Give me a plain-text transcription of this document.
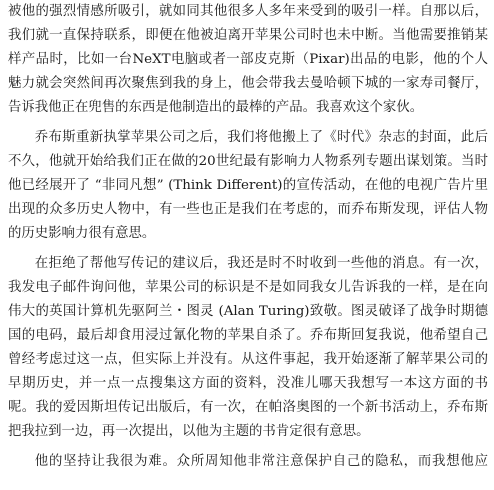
被他的强烈情感所吸引，就如同其他很多人多年来受到的吸引一样。自那以后，我们就一直保持联系，即便在他被迫离开苹果公司时也未中断。当他需要推销某样产品时，比如一台NeXT电脑或者一部皮克斯（Pixar)出品的电影，他的个人魅力就会突然间再次聚焦到我的身上，他会带我去曼哈顿下城的一家寿司餐厅，告诉我他正在兜售的东西是他制造出的最棒的产品。我喜欢这个家伙。

乔布斯重新执掌苹果公司之后，我们将他搬上了《时代》杂志的封面，此后不久，他就开始给我们正在做的20世纪最有影响力人物系列专题出谋划策。当时他已经展开了 “非同凡想” (Think Different)的宣传活动，在他的电视广告片里出现的众多历史人物中，有一些也正是我们在考虑的，而乔布斯发现，评估人物的历史影响力很有意思。

在拒绝了帮他写传记的建议后，我还是时不时收到一些他的消息。有一次，我发电子邮件询问他，苹果公司的标识是不是如同我女儿告诉我的一样，是在向伟大的英国计算机先驱阿兰・图灵 (Alan Turing)致敬。图灵破译了战争时期德国的电码，最后却食用浸过氰化物的苹果自杀了。乔布斯回复我说，他希望自己曾经考虑过这一点，但实际上并没有。从这件事起，我开始逐渐了解苹果公司的早期历史，并一点一点搜集这方面的资料，没准儿哪天我想写一本这方面的书呢。我的爱因斯坦传记出版后，有一次，在帕洛奥图的一个新书活动上，乔布斯把我拉到一边，再一次提出，以他为主题的书肯定很有意思。

他的坚持让我很为难。众所周知他非常注意保护自己的隐私，而我想他应
